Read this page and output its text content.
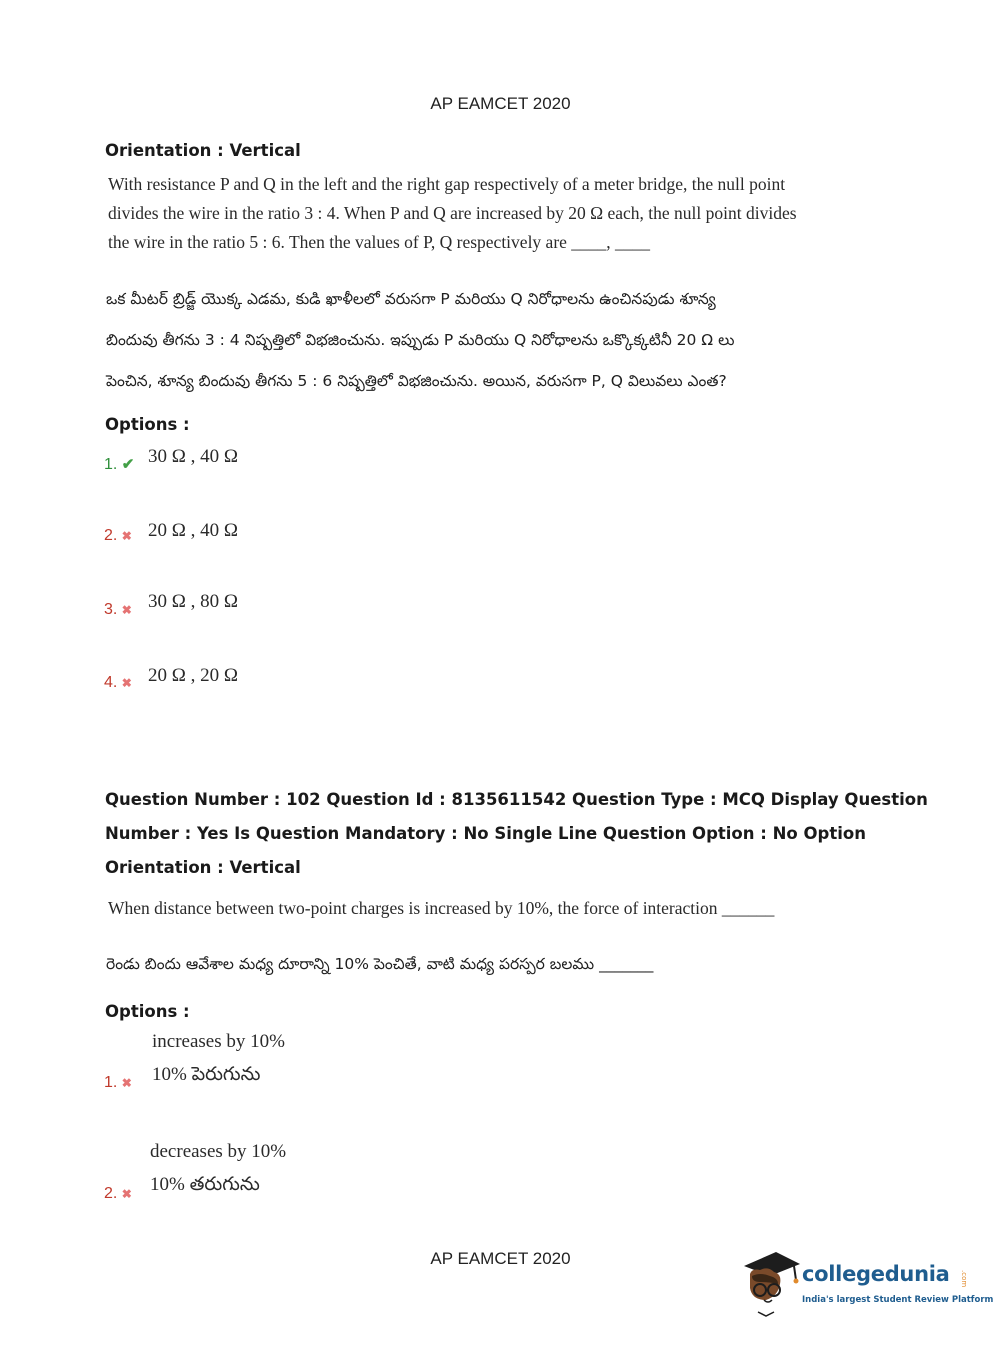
AP EAMCET 2020
Orientation : Vertical
With resistance P and Q in the left and the right gap respectively of a meter bridge, the null point
divides the wire in the ratio 3 : 4. When P and Q are increased by 20 Ω each, the null point divides
the wire in the ratio 5 : 6. Then the values of P, Q respectively are ____, ____
ఒక మీటర్ బ్రిడ్జ్ యొక్క ఎడమ, కుడి ఖాళీలలో వరుసగా P మరియు Q నిరోధాలను ఉంచినపుడు శూన్య
బిందువు తీగను 3 : 4 నిష్పత్తిలో విభజించును. ఇప్పుడు P మరియు Q నిరోధాలను ఒక్కొక్కటినీ 20 Ω లు
పెంచిన, శూన్య బిందువు తీగను 5 : 6 నిష్పత్తిలో విభజించును. అయిన, వరుసగా P, Q విలువలు ఎంత?
Options :
1. ✔ 30 Ω , 40 Ω
2. ✖ 20 Ω , 40 Ω
3. ✖ 30 Ω , 80 Ω
4. ✖ 20 Ω , 20 Ω
Question Number : 102 Question Id : 8135611542 Question Type : MCQ Display Question
Number : Yes Is Question Mandatory : No Single Line Question Option : No Option
Orientation : Vertical
When distance between two-point charges is increased by 10%, the force of interaction ______
రెండు బిందు ఆవేశాల మధ్య దూరాన్ని 10% పెంచితే, వాటి మధ్య పరస్పర బలము _______
Options :
increases by 10%
1. ✖ 10% పెరుగును
decreases by 10%
2. ✖ 10% తరుగును
AP EAMCET 2020
collegedunia .com
India's largest Student Review Platform
